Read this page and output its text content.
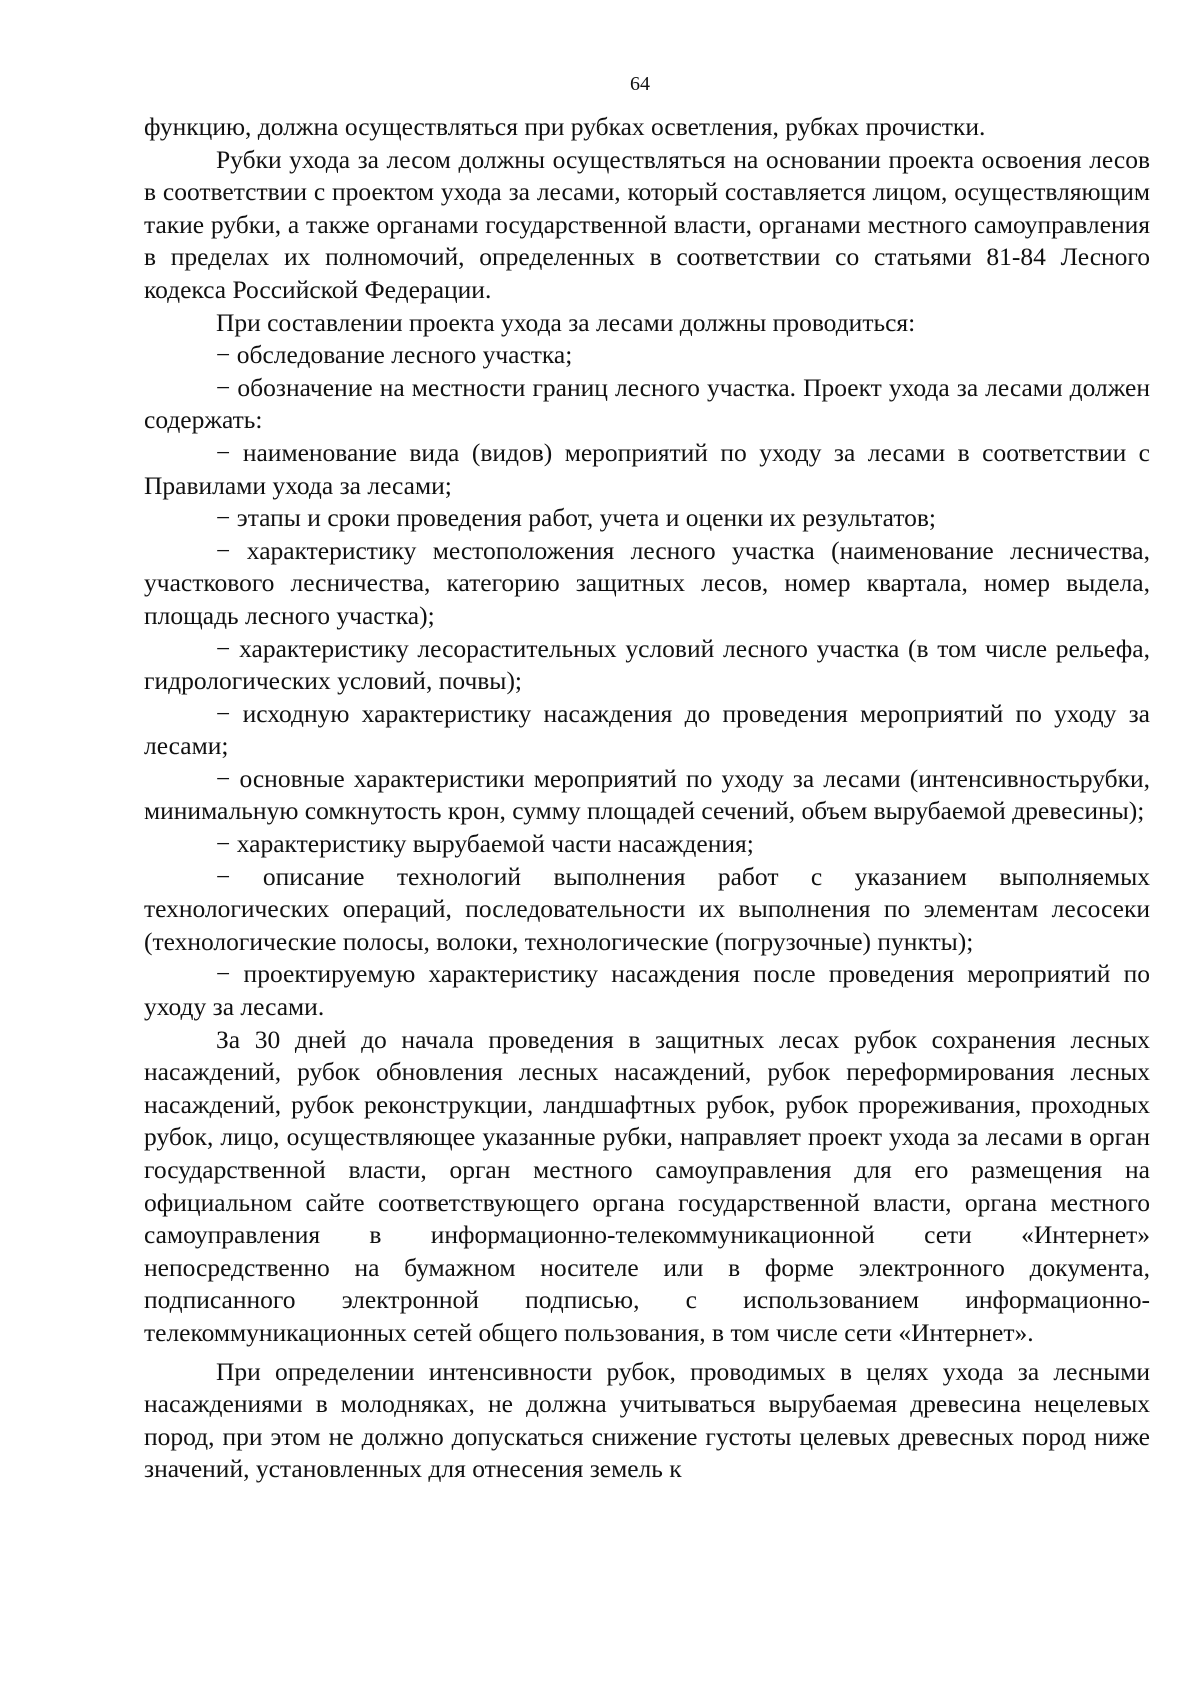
64

функцию, должна осуществляться при рубках осветления, рубках прочистки.

Рубки ухода за лесом должны осуществляться на основании проекта освоения лесов в соответствии с проектом ухода за лесами, который составляется лицом, осуществляющим такие рубки, а также органами государственной власти, органами местного самоуправления в пределах их полномочий, определенных в соответствии со статьями 81-84 Лесного кодекса Российской Федерации.

При составлении проекта ухода за лесами должны проводиться:

− обследование лесного участка;

− обозначение на местности границ лесного участка. Проект ухода за лесами должен содержать:

− наименование вида (видов) мероприятий по уходу за лесами в соответствии с Правилами ухода за лесами;

− этапы и сроки проведения работ, учета и оценки их результатов;

− характеристику местоположения лесного участка (наименование лесничества, участкового лесничества, категорию защитных лесов, номер квартала, номер выдела, площадь лесного участка);

− характеристику лесорастительных условий лесного участка (в том числе рельефа, гидрологических условий, почвы);

− исходную характеристику насаждения до проведения мероприятий по уходу за лесами;

− основные характеристики мероприятий по уходу за лесами (интенсивностьрубки, минимальную сомкнутость крон, сумму площадей сечений, объем вырубаемой древесины);

− характеристику вырубаемой части насаждения;

− описание технологий выполнения работ с указанием выполняемых технологических операций, последовательности их выполнения по элементам лесосеки (технологические полосы, волоки, технологические (погрузочные) пункты);

− проектируемую характеристику насаждения после проведения мероприятий по уходу за лесами.

За 30 дней до начала проведения в защитных лесах рубок сохранения лесных насаждений, рубок обновления лесных насаждений, рубок переформирования лесных насаждений, рубок реконструкции, ландшафтных рубок, рубок прореживания, проходных рубок, лицо, осуществляющее указанные рубки, направляет проект ухода за лесами в орган государственной власти, орган местного самоуправления для его размещения на официальном сайте соответствующего органа государственной власти, органа местного самоуправления в информационно-телекоммуникационной сети «Интернет» непосредственно на бумажном носителе или в форме электронного документа, подписанного электронной подписью, с использованием информационно-телекоммуникационных сетей общего пользования, в том числе сети «Интернет».

При определении интенсивности рубок, проводимых в целях ухода за лесными насаждениями в молодняках, не должна учитываться вырубаемая древесина нецелевых пород, при этом не должно допускаться снижение густоты целевых древесных пород ниже значений, установленных для отнесения земель к
